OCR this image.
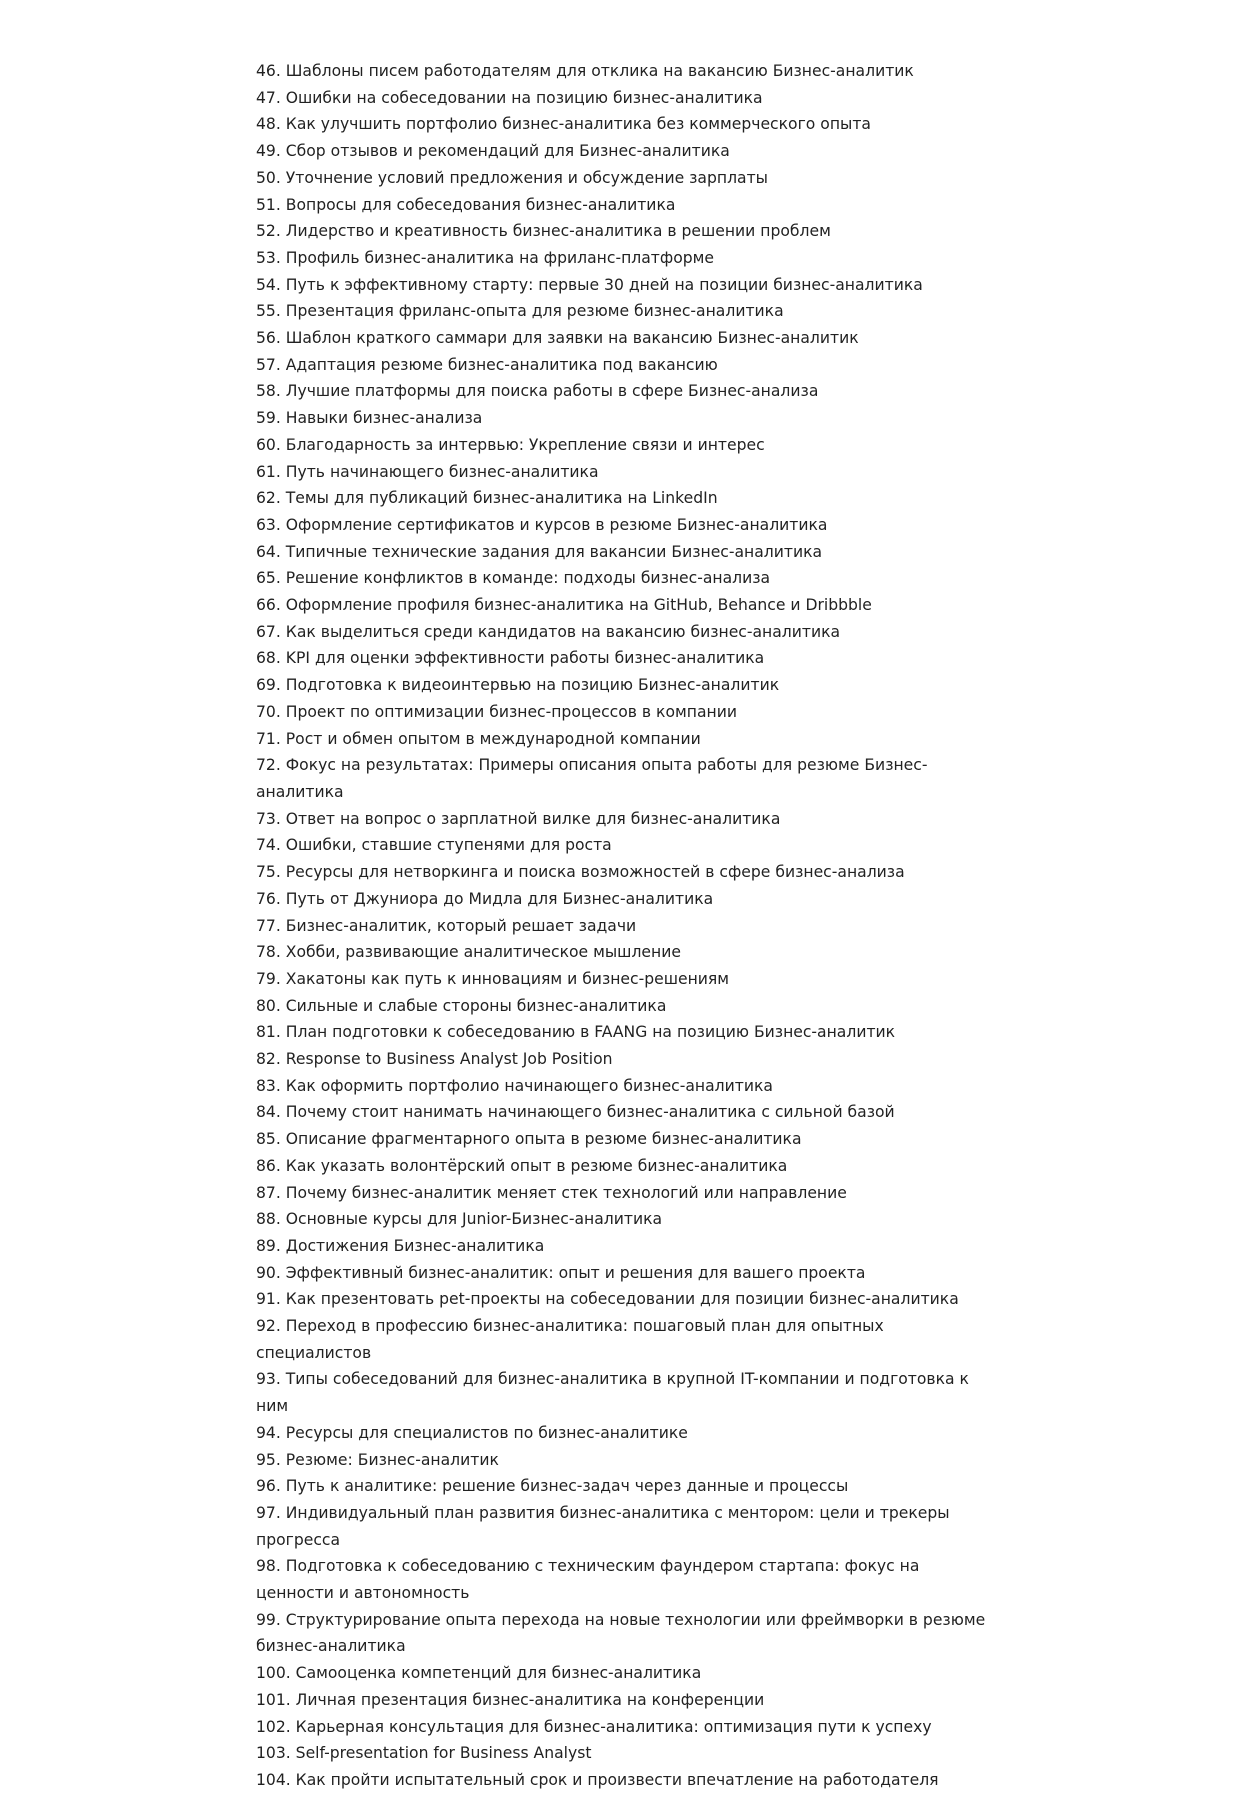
46. Шаблоны писем работодателям для отклика на вакансию Бизнес-аналитик
47. Ошибки на собеседовании на позицию бизнес-аналитика
48. Как улучшить портфолио бизнес-аналитика без коммерческого опыта
49. Сбор отзывов и рекомендаций для Бизнес-аналитика
50. Уточнение условий предложения и обсуждение зарплаты
51. Вопросы для собеседования бизнес-аналитика
52. Лидерство и креативность бизнес-аналитика в решении проблем
53. Профиль бизнес-аналитика на фриланс-платформе
54. Путь к эффективному старту: первые 30 дней на позиции бизнес-аналитика
55. Презентация фриланс-опыта для резюме бизнес-аналитика
56. Шаблон краткого саммари для заявки на вакансию Бизнес-аналитик
57. Адаптация резюме бизнес-аналитика под вакансию
58. Лучшие платформы для поиска работы в сфере Бизнес-анализа
59. Навыки бизнес-анализа
60. Благодарность за интервью: Укрепление связи и интерес
61. Путь начинающего бизнес-аналитика
62. Темы для публикаций бизнес-аналитика на LinkedIn
63. Оформление сертификатов и курсов в резюме Бизнес-аналитика
64. Типичные технические задания для вакансии Бизнес-аналитика
65. Решение конфликтов в команде: подходы бизнес-анализа
66. Оформление профиля бизнес-аналитика на GitHub, Behance и Dribbble
67. Как выделиться среди кандидатов на вакансию бизнес-аналитика
68. KPI для оценки эффективности работы бизнес-аналитика
69. Подготовка к видеоинтервью на позицию Бизнес-аналитик
70. Проект по оптимизации бизнес-процессов в компании
71. Рост и обмен опытом в международной компании
72. Фокус на результатах: Примеры описания опыта работы для резюме Бизнес-аналитика
73. Ответ на вопрос о зарплатной вилке для бизнес-аналитика
74. Ошибки, ставшие ступенями для роста
75. Ресурсы для нетворкинга и поиска возможностей в сфере бизнес-анализа
76. Путь от Джуниора до Мидла для Бизнес-аналитика
77. Бизнес-аналитик, который решает задачи
78. Хобби, развивающие аналитическое мышление
79. Хакатоны как путь к инновациям и бизнес-решениям
80. Сильные и слабые стороны бизнес-аналитика
81. План подготовки к собеседованию в FAANG на позицию Бизнес-аналитик
82. Response to Business Analyst Job Position
83. Как оформить портфолио начинающего бизнес-аналитика
84. Почему стоит нанимать начинающего бизнес-аналитика с сильной базой
85. Описание фрагментарного опыта в резюме бизнес-аналитика
86. Как указать волонтёрский опыт в резюме бизнес-аналитика
87. Почему бизнес-аналитик меняет стек технологий или направление
88. Основные курсы для Junior-Бизнес-аналитика
89. Достижения Бизнес-аналитика
90. Эффективный бизнес-аналитик: опыт и решения для вашего проекта
91. Как презентовать pet-проекты на собеседовании для позиции бизнес-аналитика
92. Переход в профессию бизнес-аналитика: пошаговый план для опытных специалистов
93. Типы собеседований для бизнес-аналитика в крупной IT-компании и подготовка к ним
94. Ресурсы для специалистов по бизнес-аналитике
95. Резюме: Бизнес-аналитик
96. Путь к аналитике: решение бизнес-задач через данные и процессы
97. Индивидуальный план развития бизнес-аналитика с ментором: цели и трекеры прогресса
98. Подготовка к собеседованию с техническим фаундером стартапа: фокус на ценности и автономность
99. Структурирование опыта перехода на новые технологии или фреймворки в резюме бизнес-аналитика
100. Самооценка компетенций для бизнес-аналитика
101. Личная презентация бизнес-аналитика на конференции
102. Карьерная консультация для бизнес-аналитика: оптимизация пути к успеху
103. Self-presentation for Business Analyst
104. Как пройти испытательный срок и произвести впечатление на работодателя
